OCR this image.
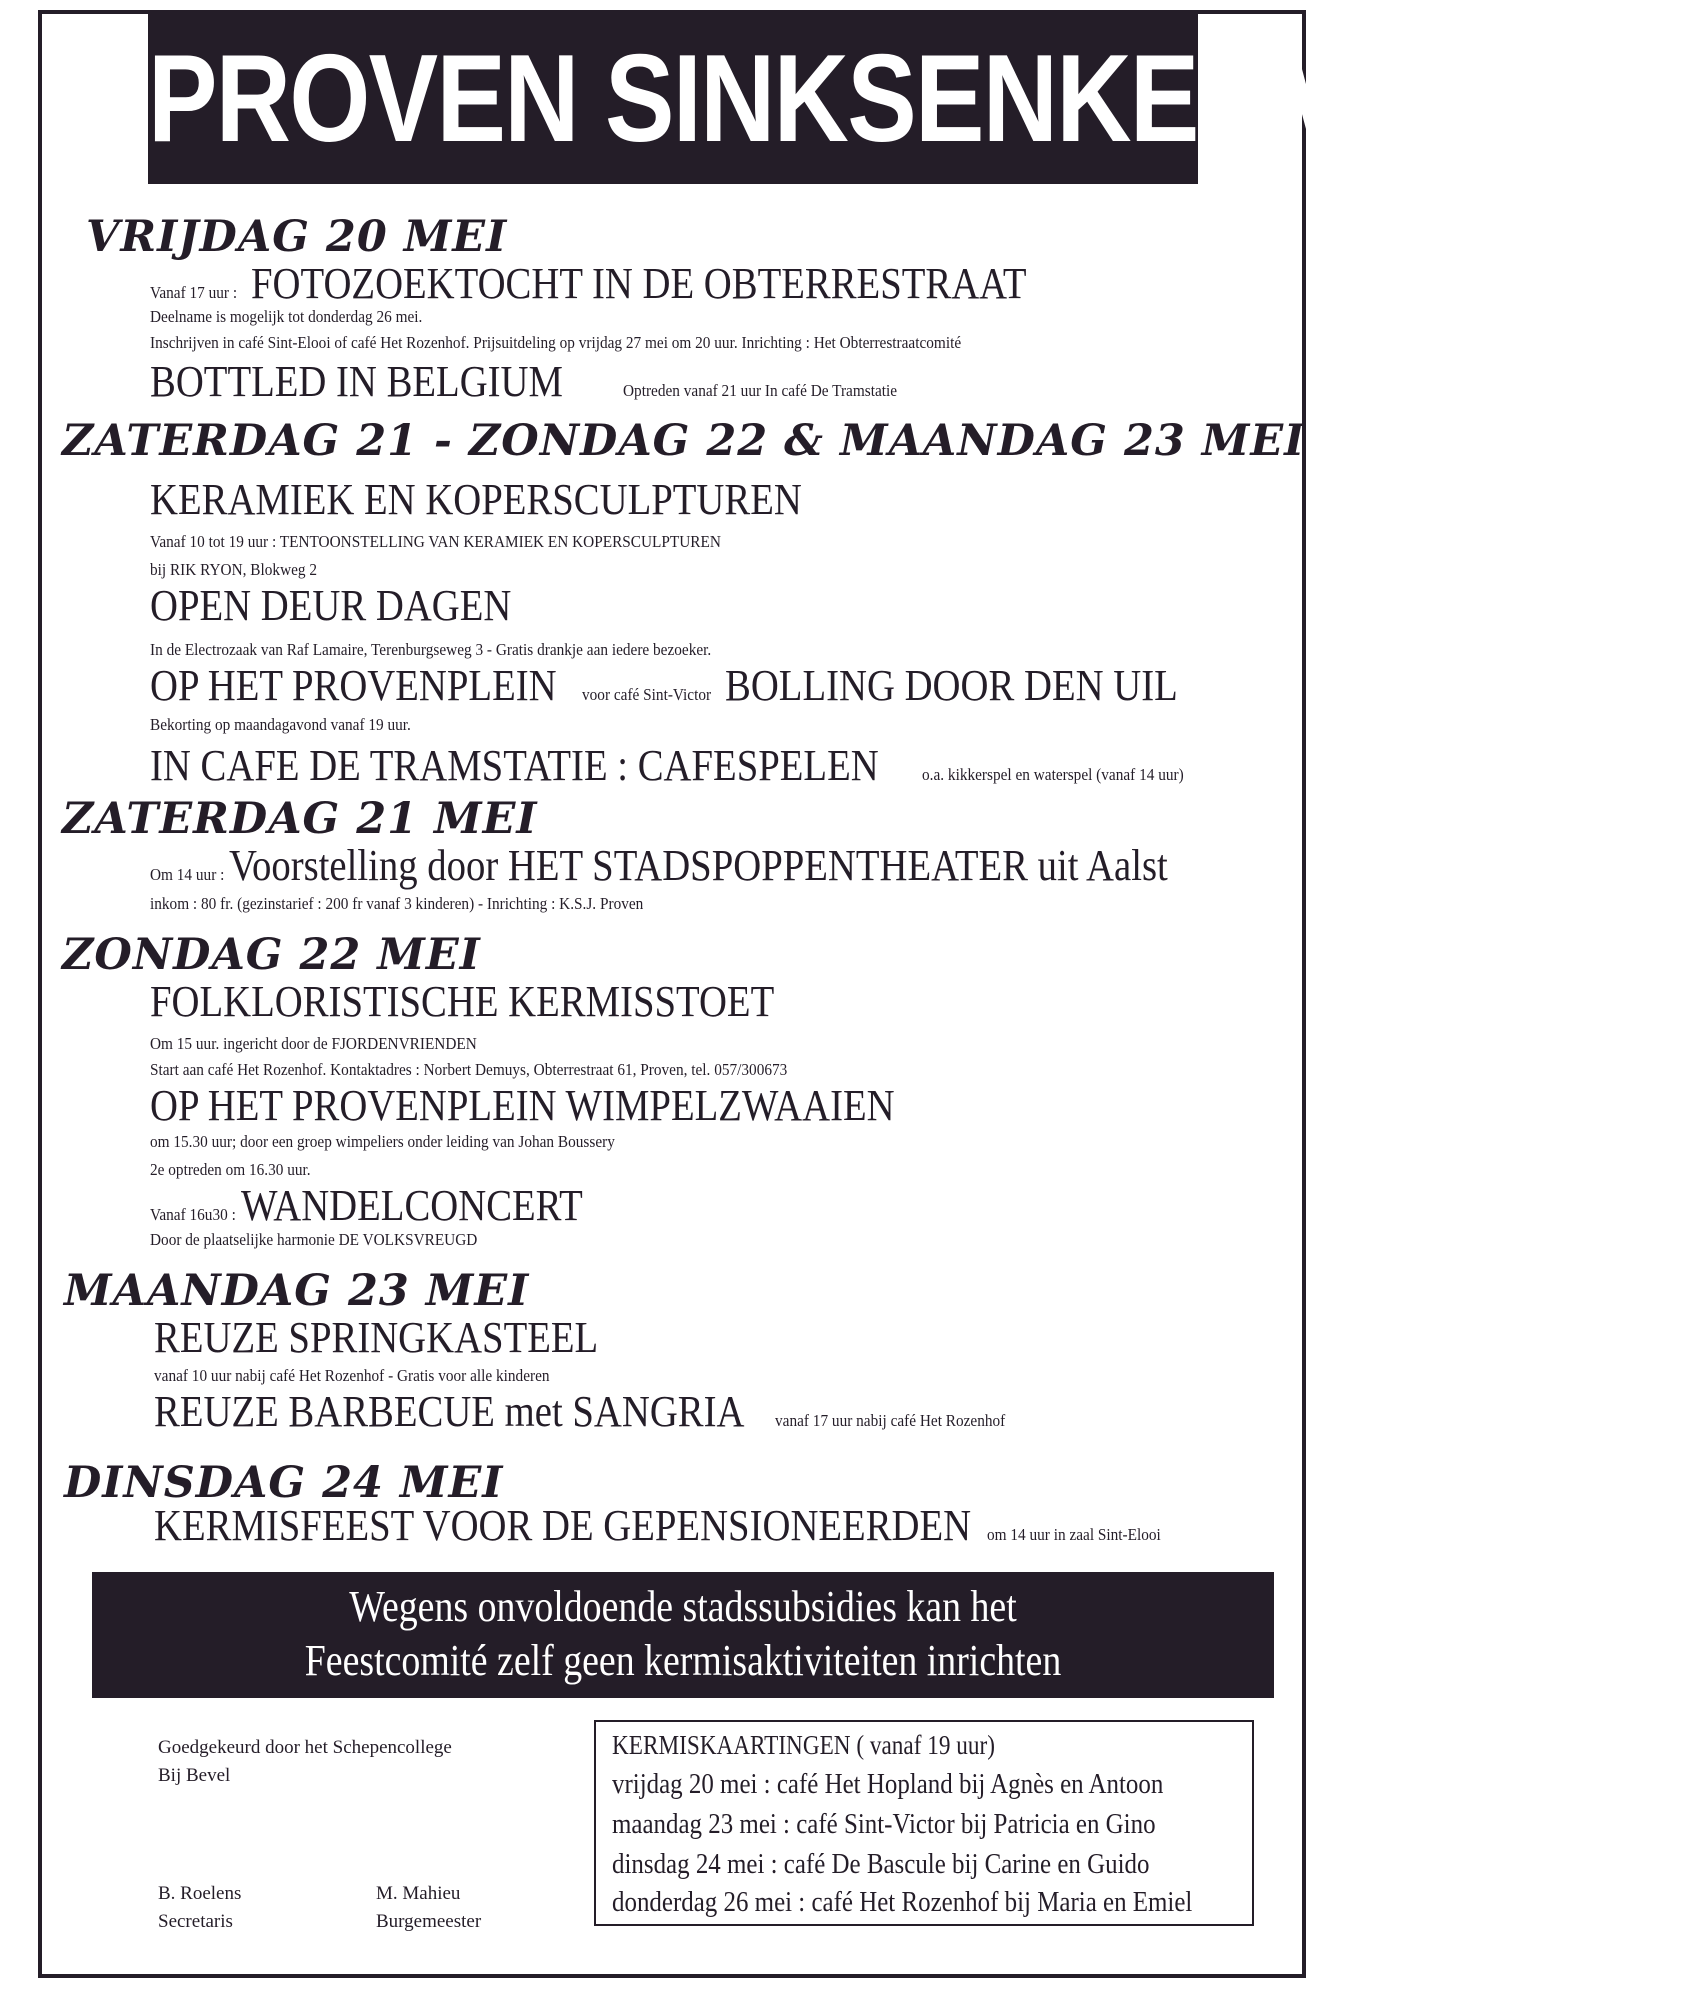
PROVEN SINKSENKERMIS 1994
VRIJDAG 20 MEI
Vanaf 17 uur : FOTOZOEKTOCHT IN DE OBTERRESTRAAT
Deelname is mogelijk tot donderdag 26 mei.
Inschrijven in café Sint-Elooi of café Het Rozenhof. Prijsuitdeling op vrijdag 27 mei om 20 uur. Inrichting : Het Obterrestraatcomité
BOTTLED IN BELGIUM	Optreden vanaf 21 uur In café De Tramstatie
ZATERDAG 21 - ZONDAG 22 & MAANDAG 23 MEI
KERAMIEK EN KOPERSCULPTUREN
Vanaf 10 tot 19 uur : TENTOONSTELLING VAN KERAMIEK EN KOPERSCULPTUREN
bij RIK RYON, Blokweg 2
OPEN DEUR DAGEN
In de Electrozaak van Raf Lamaire, Terenburgseweg 3 - Gratis drankje aan iedere bezoeker.
OP HET PROVENPLEIN voor café Sint-Victor BOLLING DOOR DEN UIL
Bekorting op maandagavond vanaf 19 uur.
IN CAFE DE TRAMSTATIE : CAFESPELEN	o.a. kikkerspel en waterspel (vanaf 14 uur)
ZATERDAG 21 MEI
Om 14 uur : Voorstelling door HET STADSPOPPENTHEATER uit Aalst
inkom : 80 fr. (gezinstarief : 200 fr vanaf 3 kinderen) - Inrichting : K.S.J. Proven
ZONDAG 22 MEI
FOLKLORISTISCHE KERMISSTOET
Om 15 uur. ingericht door de FJORDENVRIENDEN
Start aan café Het Rozenhof. Kontaktadres : Norbert Demuys, Obterrestraat 61, Proven, tel. 057/300673
OP HET PROVENPLEIN WIMPELZWAAIEN
om 15.30 uur; door een groep wimpeliers onder leiding van Johan Boussery
2e optreden om 16.30 uur.
Vanaf 16u30 : WANDELCONCERT
Door de plaatselijke harmonie DE VOLKSVREUGD
MAANDAG 23 MEI
REUZE SPRINGKASTEEL
vanaf 10 uur nabij café Het Rozenhof - Gratis voor alle kinderen
REUZE BARBECUE met SANGRIA vanaf 17 uur nabij café Het Rozenhof
DINSDAG 24 MEI
KERMISFEEST VOOR DE GEPENSIONEERDEN om 14 uur in zaal Sint-Elooi
Wegens onvoldoende stadssubsidies kan het
Feestcomité zelf geen kermisaktiviteiten inrichten
Goedgekeurd door het Schepencollege
Bij Bevel
B. Roelens
Secretaris
M. Mahieu
Burgemeester
KERMISKAARTINGEN ( vanaf 19 uur)
vrijdag 20 mei : café Het Hopland bij Agnès en Antoon
maandag 23 mei : café Sint-Victor bij Patricia en Gino
dinsdag 24 mei : café De Bascule bij Carine en Guido
donderdag 26 mei : café Het Rozenhof bij Maria en Emiel
